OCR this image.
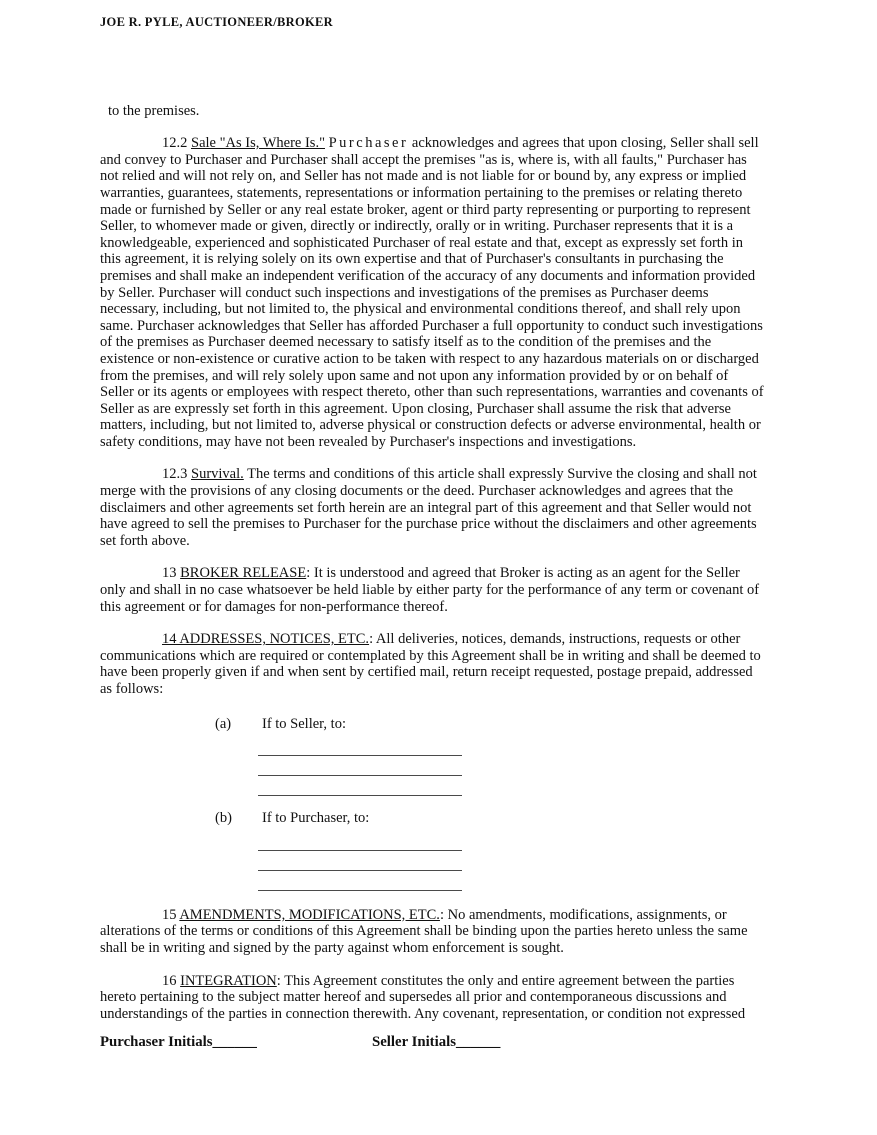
JOE R. PYLE, AUCTIONEER/BROKER

to the premises.

12.2 Sale "As Is, Where Is." Purchaser acknowledges and agrees that upon closing, Seller shall sell and convey to Purchaser and Purchaser shall accept the premises "as is, where is, with all faults," Purchaser has not relied and will not rely on, and Seller has not made and is not liable for or bound by, any express or implied warranties, guarantees, statements, representations or information pertaining to the premises or relating thereto made or furnished by Seller or any real estate broker, agent or third party representing or purporting to represent Seller, to whomever made or given, directly or indirectly, orally or in writing. Purchaser represents that it is a knowledgeable, experienced and sophisticated Purchaser of real estate and that, except as expressly set forth in this agreement, it is relying solely on its own expertise and that of Purchaser's consultants in purchasing the premises and shall make an independent verification of the accuracy of any documents and information provided by Seller. Purchaser will conduct such inspections and investigations of the premises as Purchaser deems necessary, including, but not limited to, the physical and environmental conditions thereof, and shall rely upon same. Purchaser acknowledges that Seller has afforded Purchaser a full opportunity to conduct such investigations of the premises as Purchaser deemed necessary to satisfy itself as to the condition of the premises and the existence or non-existence or curative action to be taken with respect to any hazardous materials on or discharged from the premises, and will rely solely upon same and not upon any information provided by or on behalf of Seller or its agents or employees with respect thereto, other than such representations, warranties and covenants of Seller as are expressly set forth in this agreement. Upon closing, Purchaser shall assume the risk that adverse matters, including, but not limited to, adverse physical or construction defects or adverse environmental, health or safety conditions, may have not been revealed by Purchaser's inspections and investigations.

12.3 Survival. The terms and conditions of this article shall expressly Survive the closing and shall not merge with the provisions of any closing documents or the deed. Purchaser acknowledges and agrees that the disclaimers and other agreements set forth herein are an integral part of this agreement and that Seller would not have agreed to sell the premises to Purchaser for the purchase price without the disclaimers and other agreements set forth above.

13 BROKER RELEASE: It is understood and agreed that Broker is acting as an agent for the Seller only and shall in no case whatsoever be held liable by either party for the performance of any term or covenant of this agreement or for damages for non-performance thereof.

14 ADDRESSES, NOTICES, ETC.: All deliveries, notices, demands, instructions, requests or other communications which are required or contemplated by this Agreement shall be in writing and shall be deemed to have been properly given if and when sent by certified mail, return receipt requested, postage prepaid, addressed as follows:

(a)	If to Seller, to:
(b)	If to Purchaser, to:

15 AMENDMENTS, MODIFICATIONS, ETC.: No amendments, modifications, assignments, or alterations of the terms or conditions of this Agreement shall be binding upon the parties hereto unless the same shall be in writing and signed by the party against whom enforcement is sought.

16 INTEGRATION: This Agreement constitutes the only and entire agreement between the parties hereto pertaining to the subject matter hereof and supersedes all prior and contemporaneous discussions and understandings of the parties in connection therewith. Any covenant, representation, or condition not expressed

Purchaser Initials______	Seller Initials______
